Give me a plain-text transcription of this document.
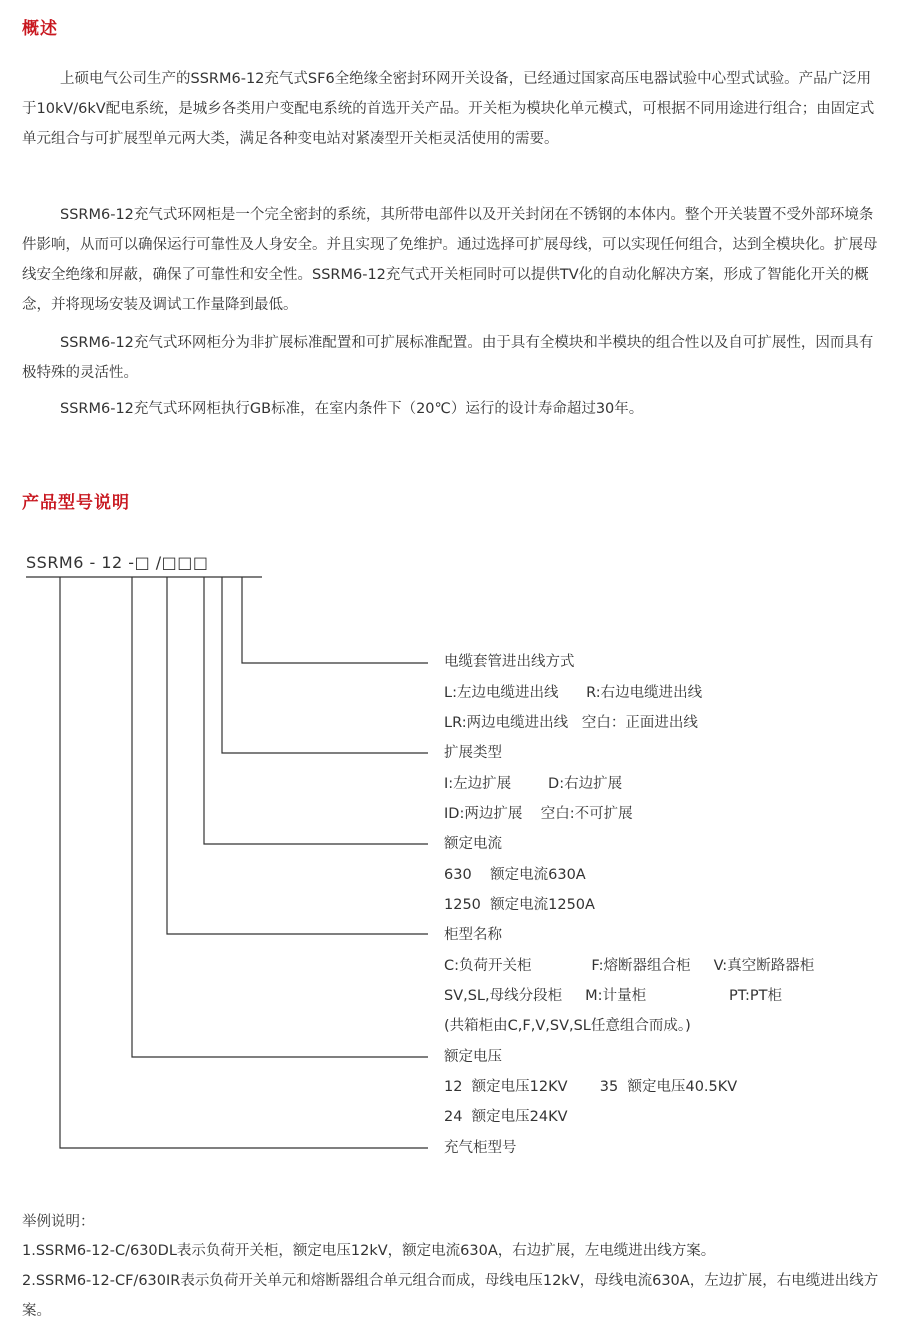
概述

上硕电气公司生产的SSRM6-12充气式SF6全绝缘全密封环网开关设备，已经通过国家高压电器试验中心型式试验。产品广泛用于10kV/6kV配电系统，是城乡各类用户变配电系统的首选开关产品。开关柜为模块化单元模式，可根据不同用途进行组合；由固定式单元组合与可扩展型单元两大类，满足各种变电站对紧凑型开关柜灵活使用的需要。

SSRM6-12充气式环网柜是一个完全密封的系统，其所带电部件以及开关封闭在不锈钢的本体内。整个开关装置不受外部环境条件影响，从而可以确保运行可靠性及人身安全。并且实现了免维护。通过选择可扩展母线，可以实现任何组合，达到全模块化。扩展母线安全绝缘和屏蔽，确保了可靠性和安全性。SSRM6-12充气式开关柜同时可以提供TV化的自动化解决方案，形成了智能化开关的概念，并将现场安装及调试工作量降到最低。

SSRM6-12充气式环网柜分为非扩展标准配置和可扩展标准配置。由于具有全模块和半模块的组合性以及自可扩展性，因而具有极特殊的灵活性。

SSRM6-12充气式环网柜执行GB标准，在室内条件下（20℃）运行的设计寿命超过30年。

产品型号说明

SSRM6 - 12 -□ /□□□

电缆套管进出线方式

L:左边电缆进出线      R:右边电缆进出线

LR:两边电缆进出线   空白：正面进出线

扩展类型

I:左边扩展        D:右边扩展

ID:两边扩展    空白:不可扩展

额定电流

630    额定电流630A

1250  额定电流1250A

柜型名称

C:负荷开关柜             F:熔断器组合柜     V:真空断路器柜

SV,SL,母线分段柜     M:计量柜                  PT:PT柜

(共箱柜由C,F,V,SV,SL任意组合而成。)

额定电压

12  额定电压12KV       35  额定电压40.5KV

24  额定电压24KV

充气柜型号

举例说明：

1.SSRM6-12-C/630DL表示负荷开关柜，额定电压12kV，额定电流630A，右边扩展，左电缆进出线方案。

2.SSRM6-12-CF/630IR表示负荷开关单元和熔断器组合单元组合而成，母线电压12kV，母线电流630A，左边扩展，右电缆进出线方案。
